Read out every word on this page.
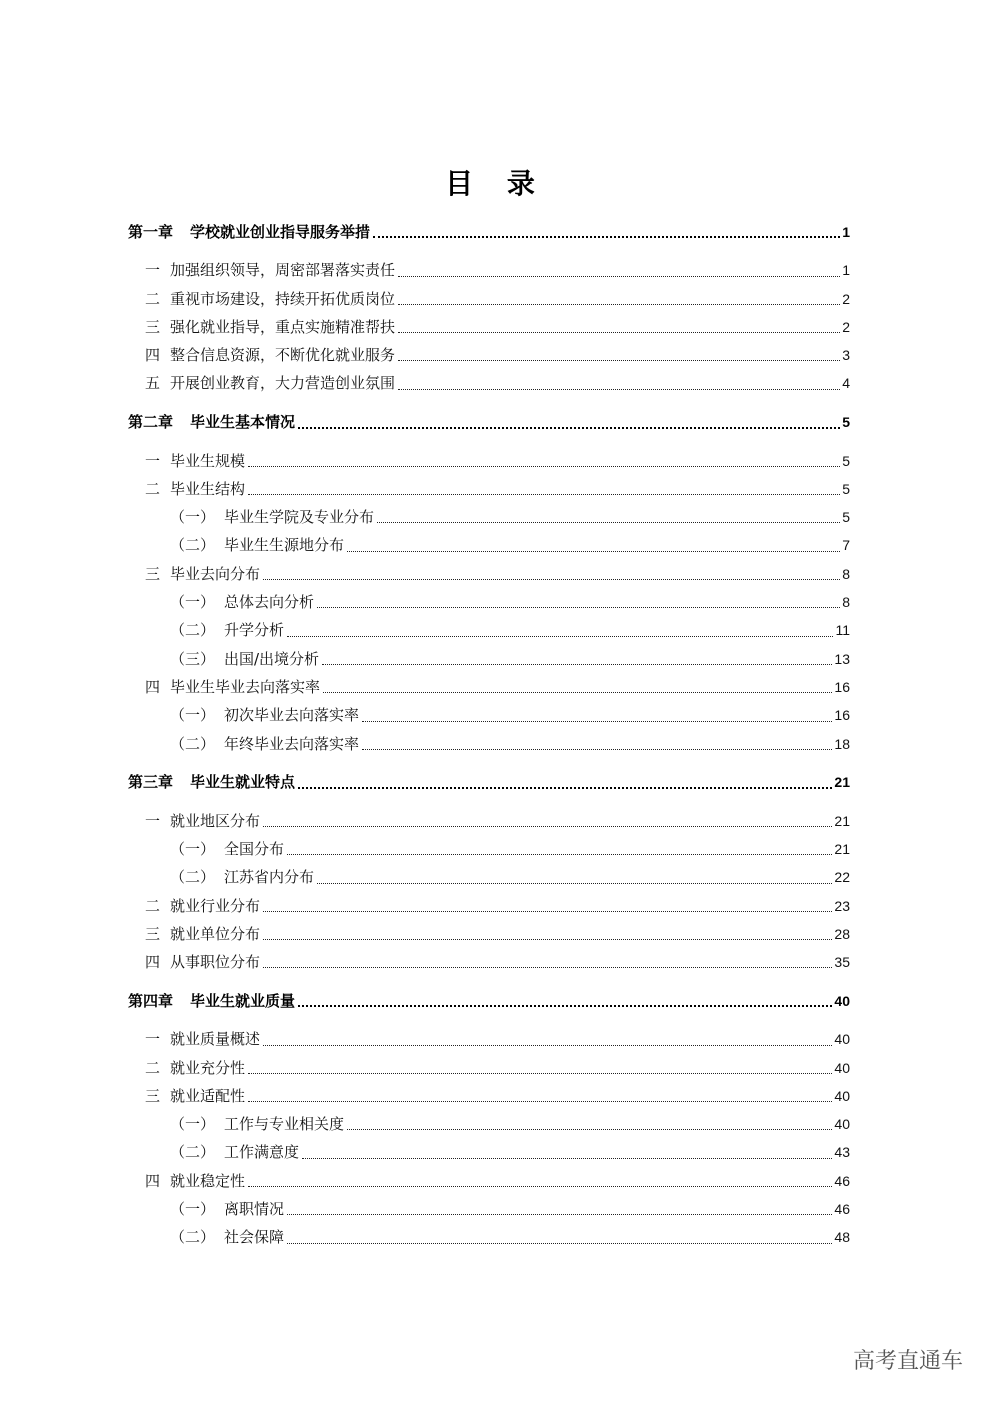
目 录
第一章	学校就业创业指导服务举措	1
一 加强组织领导，周密部署落实责任	1
二 重视市场建设，持续开拓优质岗位	2
三 强化就业指导，重点实施精准帮扶	2
四 整合信息资源，不断优化就业服务	3
五 开展创业教育，大力营造创业氛围	4
第二章	毕业生基本情况	5
一 毕业生规模	5
二 毕业生结构	5
（一） 毕业生学院及专业分布	5
（二） 毕业生生源地分布	7
三 毕业去向分布	8
（一） 总体去向分析	8
（二） 升学分析	11
（三） 出国/出境分析	13
四 毕业生毕业去向落实率	16
（一） 初次毕业去向落实率	16
（二） 年终毕业去向落实率	18
第三章	毕业生就业特点	21
一 就业地区分布	21
（一） 全国分布	21
（二） 江苏省内分布	22
二 就业行业分布	23
三 就业单位分布	28
四 从事职位分布	35
第四章	毕业生就业质量	40
一 就业质量概述	40
二 就业充分性	40
三 就业适配性	40
（一） 工作与专业相关度	40
（二） 工作满意度	43
四 就业稳定性	46
（一） 离职情况	46
（二） 社会保障	48
高考直通车
